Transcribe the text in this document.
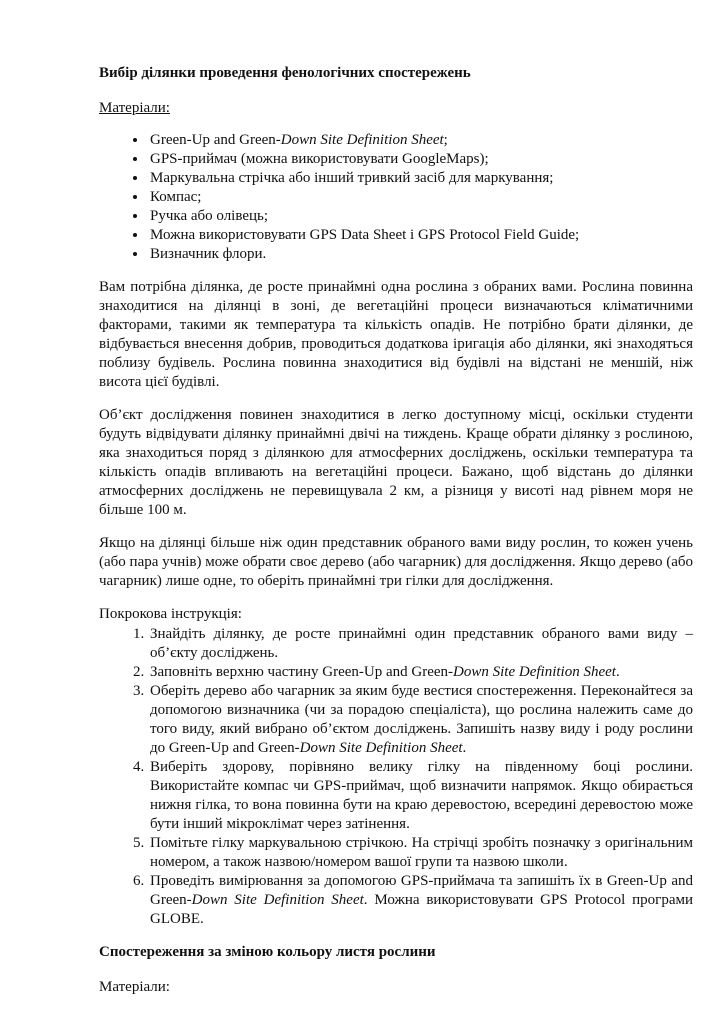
Вибір ділянки проведення фенологічних спостережень

Матеріали:

• Green-Up and Green-Down Site Definition Sheet;
• GPS-приймач (можна використовувати GoogleMaps);
• Маркувальна стрічка або інший тривкий засіб для маркування;
• Компас;
• Ручка або олівець;
• Можна використовувати GPS Data Sheet і GPS Protocol Field Guide;
• Визначник флори.

Вам потрібна ділянка, де росте принаймні одна рослина з обраних вами. Рослина повинна знаходитися на ділянці в зоні, де вегетаційні процеси визначаються кліматичними факторами, такими як температура та кількість опадів. Не потрібно брати ділянки, де відбувається внесення добрив, проводиться додаткова іригація або ділянки, які знаходяться поблизу будівель. Рослина повинна знаходитися від будівлі на відстані не меншій, ніж висота цієї будівлі.

Об’єкт дослідження повинен знаходитися в легко доступному місці, оскільки студенти будуть відвідувати ділянку принаймні двічі на тиждень. Краще обрати ділянку з рослиною, яка знаходиться поряд з ділянкою для атмосферних досліджень, оскільки температура та кількість опадів впливають на вегетаційні процеси. Бажано, щоб відстань до ділянки атмосферних досліджень не перевищувала 2 км, а різниця у висоті над рівнем моря не більше 100 м.

Якщо на ділянці більше ніж один представник обраного вами виду рослин, то кожен учень (або пара учнів) може обрати своє дерево (або чагарник) для дослідження. Якщо дерево (або чагарник) лише одне, то оберіть принаймні три гілки для дослідження.

Покрокова інструкція:

1. Знайдіть ділянку, де росте принаймні один представник обраного вами виду – об’єкту досліджень.
2. Заповніть верхню частину Green-Up and Green-Down Site Definition Sheet.
3. Оберіть дерево або чагарник за яким буде вестися спостереження. Переконайтеся за допомогою визначника (чи за порадою спеціаліста), що рослина належить саме до того виду, який вибрано об’єктом досліджень. Запишіть назву виду і роду рослини до Green-Up and Green-Down Site Definition Sheet.
4. Виберіть здорову, порівняно велику гілку на південному боці рослини. Використайте компас чи GPS-приймач, щоб визначити напрямок. Якщо обирається нижня гілка, то вона повинна бути на краю деревостою, всередині деревостою може бути інший мікроклімат через затінення.
5. Помітьте гілку маркувальною стрічкою. На стрічці зробіть позначку з оригінальним номером, а також назвою/номером вашої групи та назвою школи.
6. Проведіть вимірювання за допомогою GPS-приймача та запишіть їх в Green-Up and Green-Down Site Definition Sheet. Можна використовувати GPS Protocol програми GLOBE.
Спостереження за зміною кольору листя рослини

Матеріали:
